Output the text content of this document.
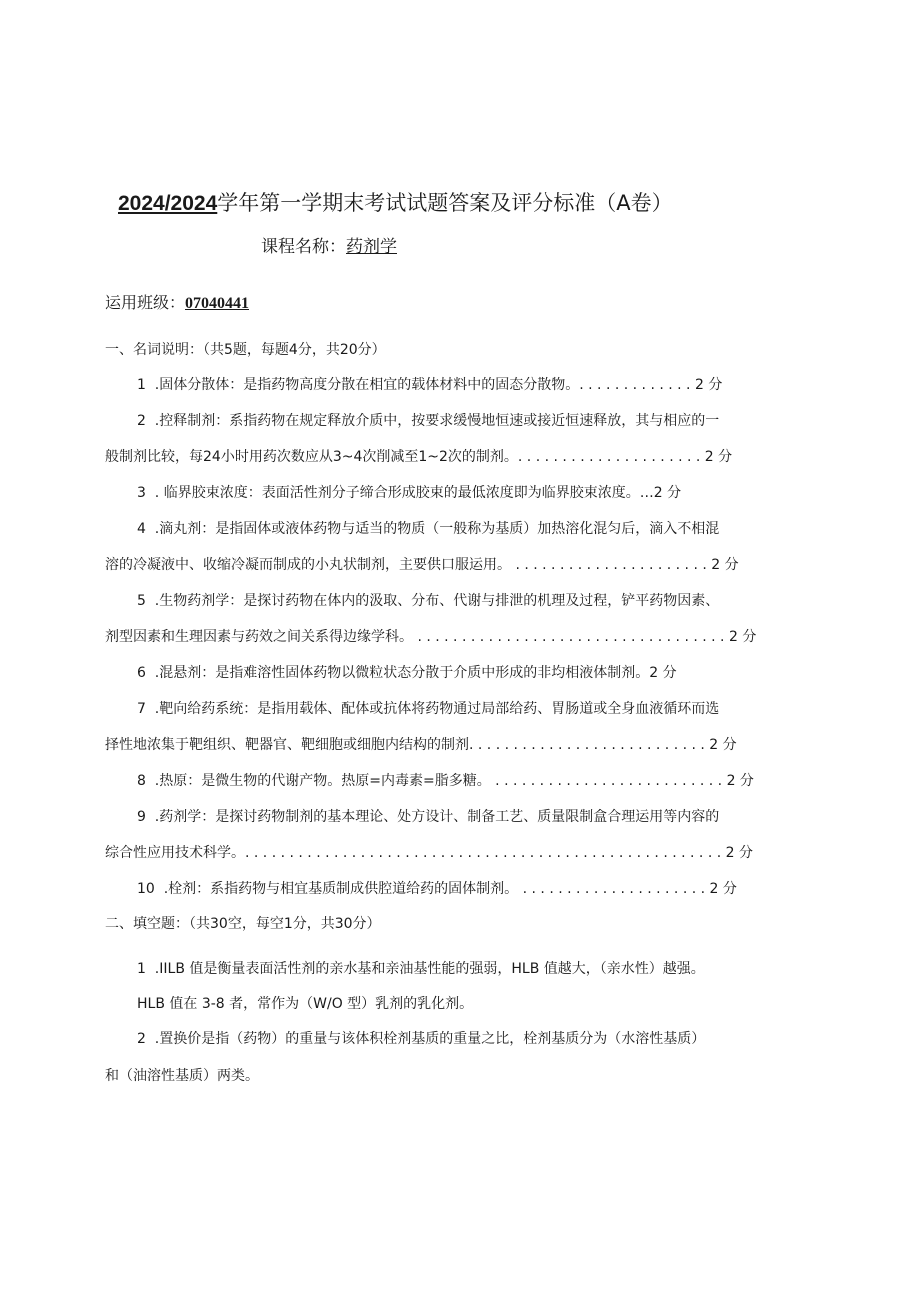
2024/2024学年第一学期末考试试题答案及评分标准（A卷）
课程名称：药剂学
运用班级：07040441
一、名词说明：（共5题，每题4分，共20分）
1  .固体分散体：是指药物高度分散在相宜的载体材料中的固态分散物。. . . . . . . . . . . . . 2 分
2  .控释制剂：系指药物在规定释放介质中，按要求缓慢地恒速或接近恒速释放，其与相应的一
般制剂比较，每24小时用药次数应从3~4次削减至1~2次的制剂。. . . . . . . . . . . . . . . . . . . . . 2 分
3  . 临界胶束浓度：表面活性剂分子缔合形成胶束的最低浓度即为临界胶束浓度。…2 分
4  .滴丸剂：是指固体或液体药物与适当的物质（一般称为基质）加热溶化混匀后，滴入不相混
溶的冷凝液中、收缩冷凝而制成的小丸状制剂，主要供口服运用。 . . . . . . . . . . . . . . . . . . . . . . 2 分
5  .生物药剂学：是探讨药物在体内的汲取、分布、代谢与排泄的机理及过程，铲平药物因素、
剂型因素和生理因素与药效之间关系得边缘学科。 . . . . . . . . . . . . . . . . . . . . . . . . . . . . . . . . . . . 2 分
6  .混悬剂：是指难溶性固体药物以微粒状态分散于介质中形成的非均相液体制剂。2 分
7  .靶向给药系统：是指用载体、配体或抗体将药物通过局部给药、胃肠道或全身血液循环而选
择性地浓集于靶组织、靶器官、靶细胞或细胞内结构的制剂. . . . . . . . . . . . . . . . . . . . . . . . . . . 2 分
8  .热原：是微生物的代谢产物。热原=内毒素=脂多糖。 . . . . . . . . . . . . . . . . . . . . . . . . . . 2 分
9  .药剂学：是探讨药物制剂的基本理论、处方设计、制备工艺、质量限制盒合理运用等内容的
综合性应用技术科学。. . . . . . . . . . . . . . . . . . . . . . . . . . . . . . . . . . . . . . . . . . . . . . . . . . . . . . 2 分
10  .栓剂：系指药物与相宜基质制成供腔道给药的固体制剂。 . . . . . . . . . . . . . . . . . . . . . 2 分
二、填空题：（共30空，每空1分，共30分）
1  .IILB 值是衡量表面活性剂的亲水基和亲油基性能的强弱，HLB 值越大，（亲水性）越强。
HLB 值在 3-8 者，常作为（W/O 型）乳剂的乳化剂。
2  .置换价是指（药物）的重量与该体积栓剂基质的重量之比，栓剂基质分为（水溶性基质）
和（油溶性基质）两类。
